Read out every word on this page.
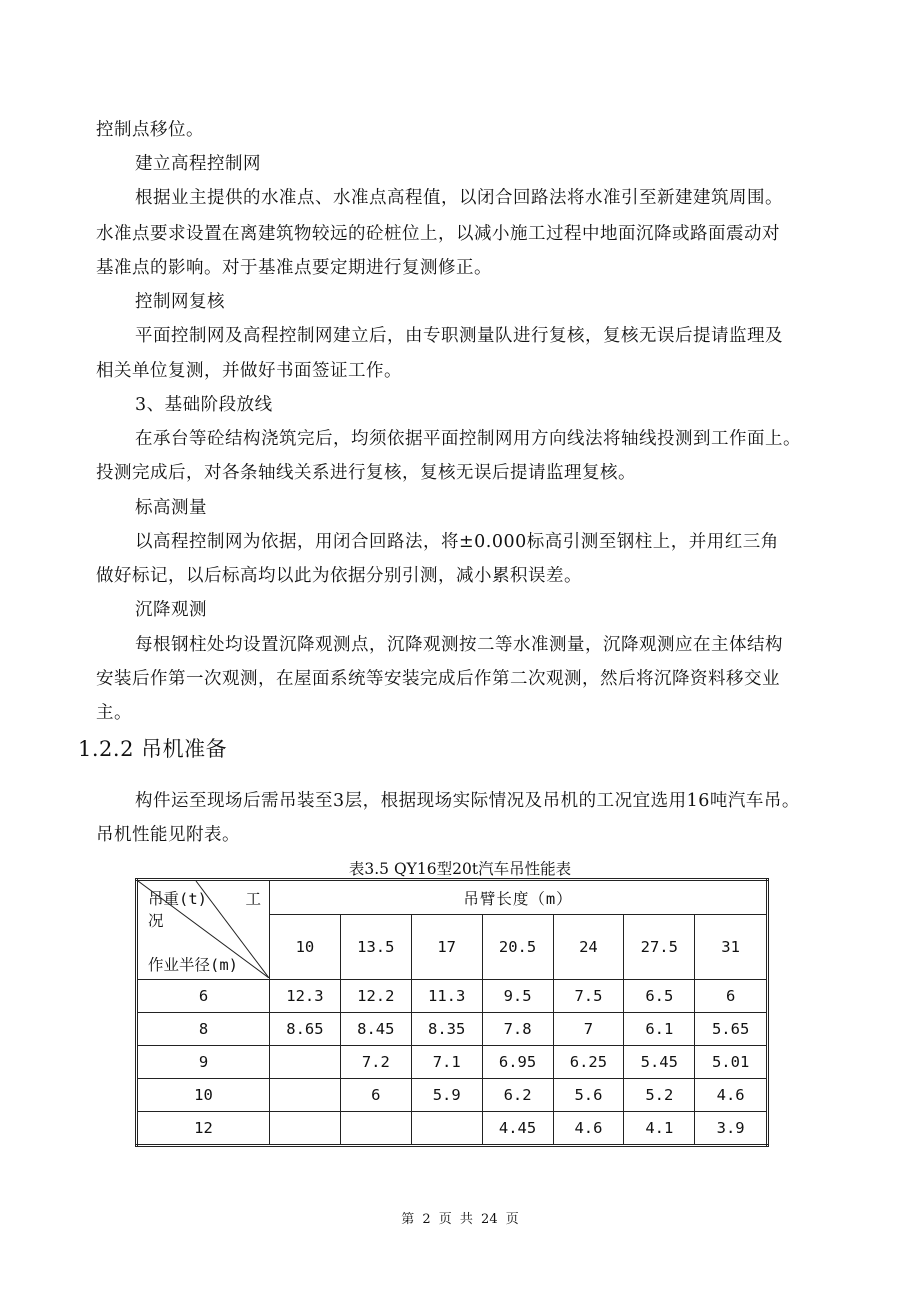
控制点移位。
建立高程控制网
根据业主提供的水准点、水准点高程值，以闭合回路法将水准引至新建建筑周围。
水准点要求设置在离建筑物较远的砼桩位上，以减小施工过程中地面沉降或路面震动对
基准点的影响。对于基准点要定期进行复测修正。
控制网复核
平面控制网及高程控制网建立后，由专职测量队进行复核，复核无误后提请监理及
相关单位复测，并做好书面签证工作。
3、基础阶段放线
在承台等砼结构浇筑完后，均须依据平面控制网用方向线法将轴线投测到工作面上。
投测完成后，对各条轴线关系进行复核，复核无误后提请监理复核。
标高测量
以高程控制网为依据，用闭合回路法，将±0.000标高引测至钢柱上，并用红三角
做好标记，以后标高均以此为依据分别引测，减小累积误差。
沉降观测
每根钢柱处均设置沉降观测点，沉降观测按二等水准测量，沉降观测应在主体结构
安装后作第一次观测，在屋面系统等安装完成后作第二次观测，然后将沉降资料移交业
主。
1.2.2 吊机准备
构件运至现场后需吊装至3层，根据现场实际情况及吊机的工况宜选用16吨汽车吊。
吊机性能见附表。
表3.5 QY16型20t汽车吊性能表
吊重(t) 工
况
作业半径(m)	吊臂长度（m）						
	10	13.5	17	20.5	24	27.5	31
6	12.3	12.2	11.3	9.5	7.5	6.5	6
8	8.65	8.45	8.35	7.8	7	6.1	5.65
9		7.2	7.1	6.95	6.25	5.45	5.01
10		6	5.9	6.2	5.6	5.2	4.6
12				4.45	4.6	4.1	3.9
第 2 页 共 24 页
